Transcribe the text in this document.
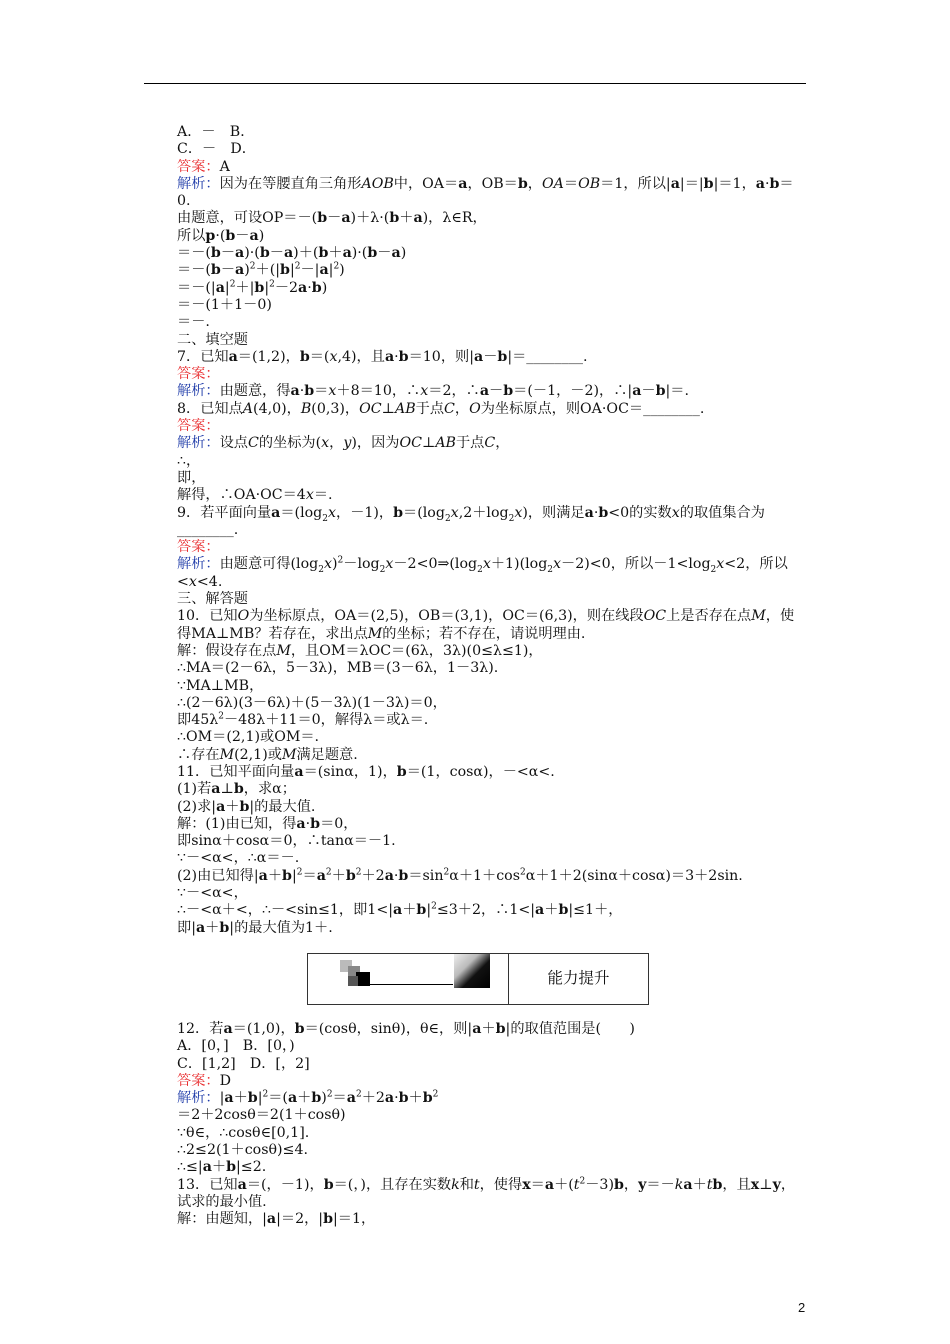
A．－　B．
C．－　D．
答案：A
解析：因为在等腰直角三角形AOB中，OA＝a，OB＝b，OA＝OB＝1，所以|a|＝|b|＝1，a·b＝0.
由题意，可设OP＝－(b－a)＋λ·(b＋a)，λ∈R，
所以p·(b－a)
＝－(b－a)·(b－a)＋(b＋a)·(b－a)
$=-(b-a)^2+(|b|^2-|a|^2)$
$=-(|a|^2+|b|^2-2a\cdot b)$
＝－(1＋1－0)
＝－.
二、填空题
7．已知a＝(1,2)，b＝(x,4)，且a·b＝10，则|a－b|＝________.
答案：
解析：由题意，得a·b＝x＋8＝10，∴x＝2，∴a－b＝(－1，－2)，∴|a－b|＝.
8．已知点A(4,0)，B(0,3)，OC⊥AB于点C，O为坐标原点，则OA·OC＝________.
答案：
解析：设点C的坐标为(x，y)，因为OC⊥AB于点C，
∴，
即，
解得，∴OA·OC＝4x＝.
9．若平面向量$a=(\log_2x$，－1)，$b=(\log_2x,2+\log_2x)$，则满足a·b<0的实数x的取值集合为________.
答案：
解析：由题意可得$(\log_2x)^2-\log_2x-2<0\Rightarrow(\log_2x+1)(\log_2x-2)<0$，所以$-1<\log_2x<2$，所以<x<4.
三、解答题
10．已知O为坐标原点，OA＝(2,5)，OB＝(3,1)，OC＝(6,3)，则在线段OC上是否存在点M，使得MA⊥MB？若存在，求出点M的坐标；若不存在，请说明理由.
解：假设存在点M，且OM＝λOC＝(6λ，3λ)(0≤λ≤1)，
∴MA＝(2－6λ，5－3λ)，MB＝(3－6λ，1－3λ).
∵MA⊥MB，
∴(2－6λ)(3－6λ)＋(5－3λ)(1－3λ)＝0，
即$45\lambda^2-48\lambda+11=0$，解得λ＝或λ＝.
∴OM＝(2,1)或OM＝.
∴存在M(2,1)或M满足题意.
11．已知平面向量a＝(sinα，1)，b＝(1，cosα)，－<α<.
(1)若a⊥b，求α；
(2)求|a＋b|的最大值.
解：(1)由已知，得a·b＝0，
即sinα＋cosα＝0，∴tanα＝－1.
∵－<α<，∴α＝－.
(2)由已知得$|a+b|^2=a^2+b^2+2a\cdot b=\sin^2\alpha+1+\cos^2\alpha+1+2(\sin\alpha+\cos\alpha)=3+2\sin$.
∵－<α<，
∴－<α＋<，∴－<sin≤1，即$1<|a+b|^2\le 3+2$，∴1<|a＋b|≤1＋，
即|a＋b|的最大值为1＋.
能力提升
12．若a＝(1,0)，b＝(cosθ，sinθ)，θ∈，则|a＋b|的取值范围是(　　)
A．[0，]　B．[0，)
C．[1,2]　D．[，2]
答案：D
解析：$|a+b|^2=(a+b)^2=a^2+2a\cdot b+b^2$
＝2＋2cosθ＝2(1＋cosθ)
∵θ∈，∴cosθ∈[0,1].
∴2≤2(1＋cosθ)≤4.
∴≤|a＋b|≤2.
13．已知a＝(，－1)，b＝(，)，且存在实数k和t，使得$x=a+(t^2-3)b$，y＝－ka＋tb，且x⊥y，试求的最小值.
解：由题知，|a|＝2，|b|＝1，
2
